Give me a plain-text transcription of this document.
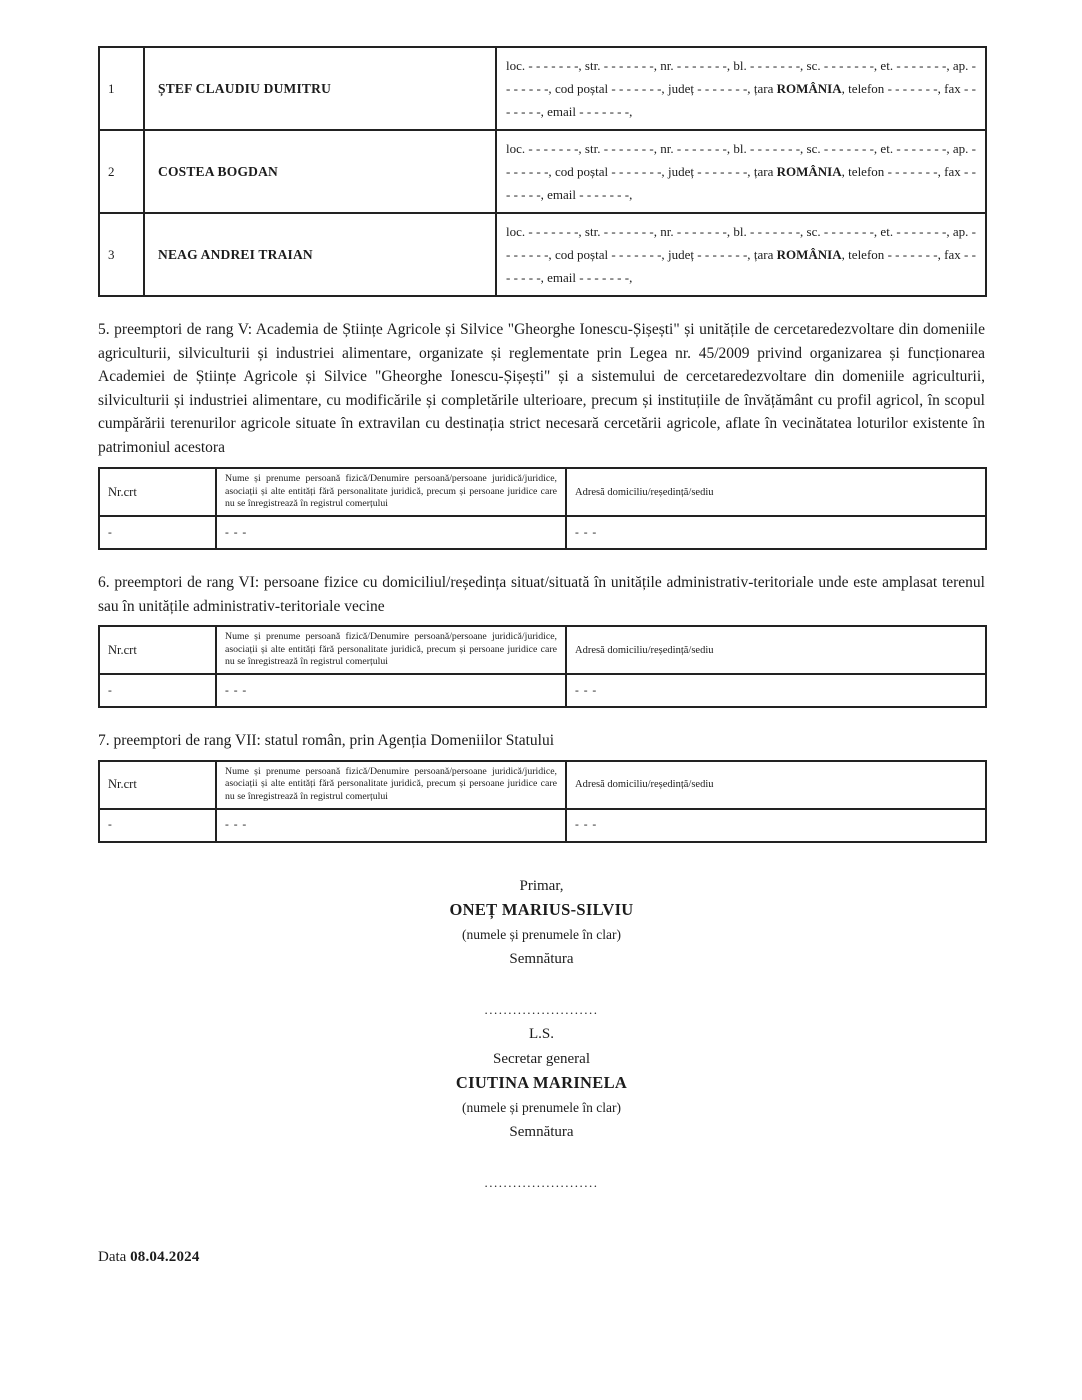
1	ȘTEF CLAUDIU DUMITRU	loc. - - - - - - -, str. - - - - - - -, nr. - - - - - - -, bl. - - - - - - -, sc. - - - - - - -, et. - - - - - - -, ap. - - - - - - -, cod poștal - - - - - - -, județ - - - - - - -, țara ROMÂNIA, telefon - - - - - - -, fax - - - - - - -, email - - - - - - -,
2	COSTEA BOGDAN	loc. - - - - - - -, str. - - - - - - -, nr. - - - - - - -, bl. - - - - - - -, sc. - - - - - - -, et. - - - - - - -, ap. - - - - - - -, cod poștal - - - - - - -, județ - - - - - - -, țara ROMÂNIA, telefon - - - - - - -, fax - - - - - - -, email - - - - - - -,
3	NEAG ANDREI TRAIAN	loc. - - - - - - -, str. - - - - - - -, nr. - - - - - - -, bl. - - - - - - -, sc. - - - - - - -, et. - - - - - - -, ap. - - - - - - -, cod poștal - - - - - - -, județ - - - - - - -, țara ROMÂNIA, telefon - - - - - - -, fax - - - - - - -, email - - - - - - -,

5. preemptori de rang V: Academia de Științe Agricole și Silvice "Gheorghe Ionescu-Șișești" și unitățile de cercetaredezvoltare din domeniile agriculturii, silviculturii și industriei alimentare, organizate și reglementate prin Legea nr. 45/2009 privind organizarea și funcționarea Academiei de Științe Agricole și Silvice "Gheorghe Ionescu-Șișești" și a sistemului de cercetaredezvoltare din domeniile agriculturii, silviculturii și industriei alimentare, cu modificările și completările ulterioare, precum și instituțiile de învățământ cu profil agricol, în scopul cumpărării terenurilor agricole situate în extravilan cu destinația strict necesară cercetării agricole, aflate în vecinătatea loturilor existente în patrimoniul acestora

Nr.crt	Nume și prenume persoană fizică/Denumire persoană/persoane juridică/juridice, asociații și alte entități fără personalitate juridică, precum și persoane juridice care nu se înregistrează în registrul comerțului	Adresă domiciliu/reședință/sediu
-	- - -	- - -

6. preemptori de rang VI: persoane fizice cu domiciliul/reședința situat/situată în unitățile administrativ-teritoriale unde este amplasat terenul sau în unitățile administrativ-teritoriale vecine

Nr.crt	Nume și prenume persoană fizică/Denumire persoană/persoane juridică/juridice, asociații și alte entități fără personalitate juridică, precum și persoane juridice care nu se înregistrează în registrul comerțului	Adresă domiciliu/reședință/sediu
-	- - -	- - -

7. preemptori de rang VII: statul român, prin Agenția Domeniilor Statului

Nr.crt	Nume și prenume persoană fizică/Denumire persoană/persoane juridică/juridice, asociații și alte entități fără personalitate juridică, precum și persoane juridice care nu se înregistrează în registrul comerțului	Adresă domiciliu/reședință/sediu
-	- - -	- - -
Primar,
ONEȚ MARIUS-SILVIU
(numele și prenumele în clar)
Semnătura
........................
L.S.
Secretar general
CIUTINA MARINELA
(numele și prenumele în clar)
Semnătura
........................
Data 08.04.2024
